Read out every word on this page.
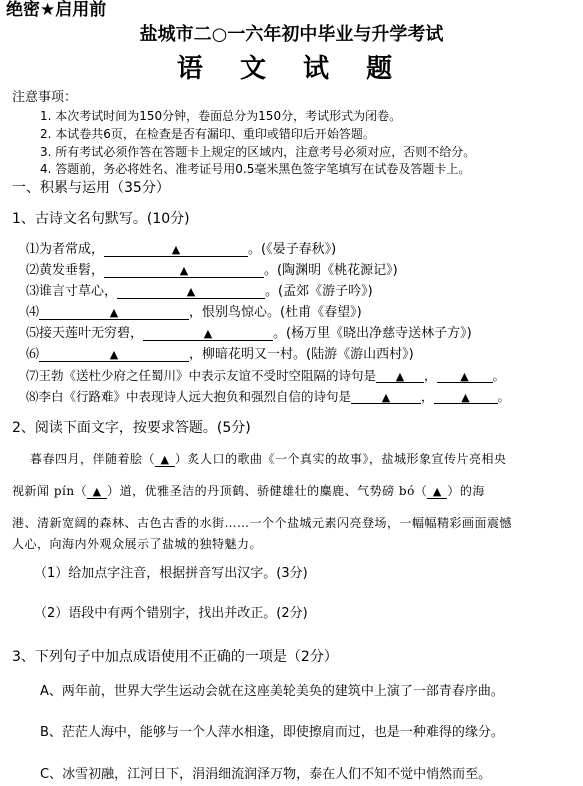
绝密★启用前
盐城市二○一六年初中毕业与升学考试
语 文 试 题
注意事项：
1. 本次考试时间为150分钟，卷面总分为150分，考试形式为闭卷。
2. 本试卷共6页，在检查是否有漏印、重印或错印后开始答题。
3. 所有考试必须作答在答题卡上规定的区域内，注意考号必须对应，否则不给分。
4. 答题前，务必将姓名、准考证号用0.5毫米黑色签字笔填写在试卷及答题卡上。
一、积累与运用（35分）
1、古诗文名句默写。(10分)
⑴为者常成，	▲	。(《晏子春秋》)
⑵黄发垂髫，	▲	。(陶渊明《桃花源记》)
⑶谁言寸草心，	▲	。(孟郊《游子吟》)
⑷	▲	，恨别鸟惊心。(杜甫《春望》)
⑸接天莲叶无穷碧，	▲	。(杨万里《晓出净慈寺送林子方》)
⑹	▲	，柳暗花明又一村。(陆游《游山西村》)
⑺王勃《送杜少府之任蜀川》中表示友谊不受时空阻隔的诗句是 ▲ ， ▲ 。
⑻李白《行路难》中表现诗人远大抱负和强烈自信的诗句是	▲ ，	▲ 。
2、阅读下面文字，按要求答题。(5分)
暮春四月，伴随着脍（ ▲ ）炙人口的歌曲《一个真实的故事》，盐城形象宣传片亮相央
视新闻 pín（ ▲ ）道，优雅圣洁的丹顶鹤、骄健雄壮的麋鹿、气势磅 bó（ ▲ ）的海
港、清新宽阔的森林、古色古香的水街……一个个盐城元素闪亮登场，一幅幅精彩画面震憾
人心，向海内外观众展示了盐城的独特魅力。
（1）给加点字注音，根据拼音写出汉字。(3分)
（2）语段中有两个错别字，找出并改正。(2分)
3、下列句子中加点成语使用不正确的一项是（2分）
A、两年前，世界大学生运动会就在这座美轮美奂的建筑中上演了一部青春序曲。
B、茫茫人海中，能够与一个人萍水相逢，即使擦肩而过，也是一种难得的缘分。
C、冰雪初融，江河日下，涓涓细流润泽万物，泰在人们不知不觉中悄然而至。
